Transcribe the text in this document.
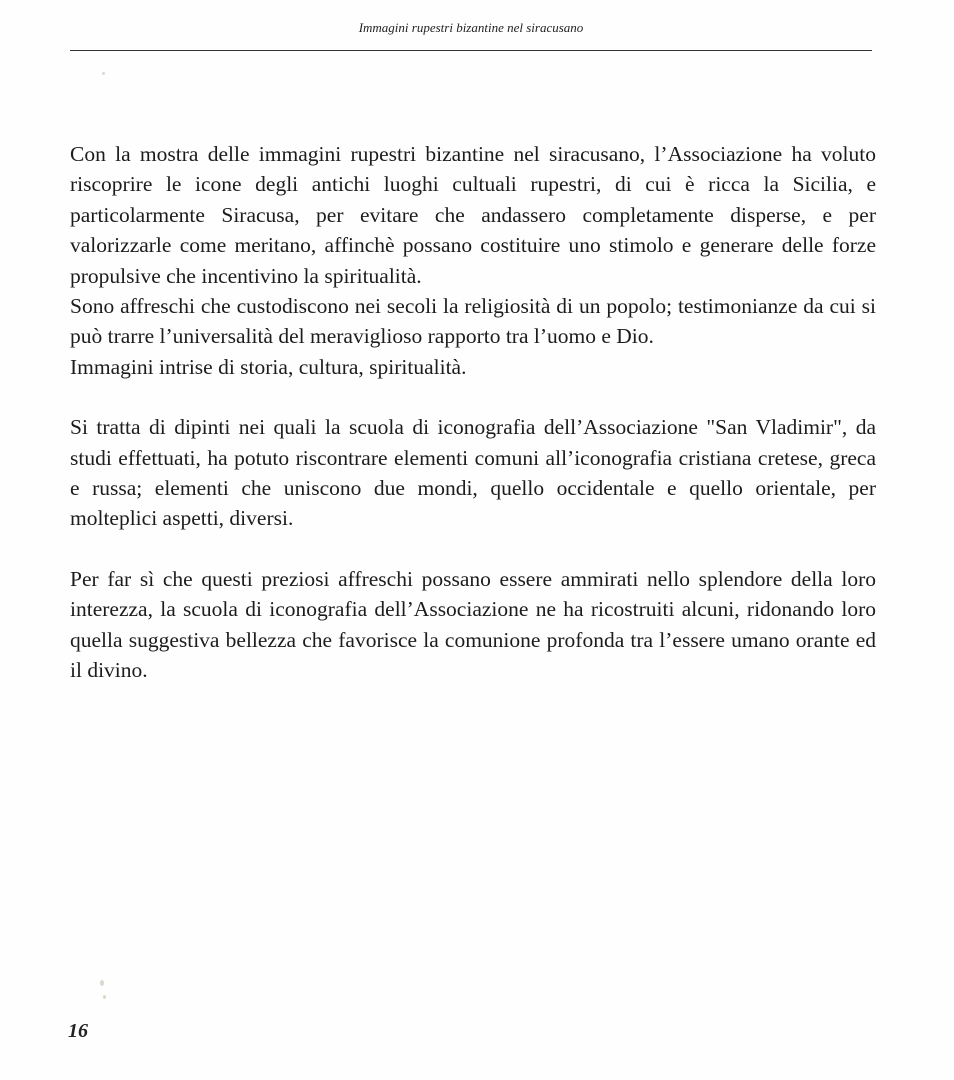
Immagini rupestri bizantine nel siracusano

Con la mostra delle immagini rupestri bizantine nel siracusano, l’Associazione ha voluto riscoprire le icone degli antichi luoghi cultuali rupestri, di cui è ricca la Sicilia, e particolarmente Siracusa, per evitare che andassero completamente disperse, e per valorizzarle come meritano, affinchè possano costituire uno stimolo e generare delle forze propulsive che incentivino la spiritualità.

Sono affreschi che custodiscono nei secoli la religiosità di un popolo; testimonianze da cui si può trarre l’universalità del meraviglioso rapporto tra l’uomo e Dio.

Immagini intrise di storia, cultura, spiritualità.

Si tratta di dipinti nei quali la scuola di iconografia dell’Associazione "San Vladimir", da studi effettuati, ha potuto riscontrare elementi comuni all’iconografia cristiana cretese, greca e russa; elementi che uniscono due mondi, quello occidentale e quello orientale, per molteplici aspetti, diversi.

Per far sì che questi preziosi affreschi possano essere ammirati nello splendore della loro interezza, la scuola di iconografia dell’Associazione ne ha ricostruiti alcuni, ridonando loro quella suggestiva bellezza che favorisce la comunione profonda tra l’essere umano orante ed il divino.

16
